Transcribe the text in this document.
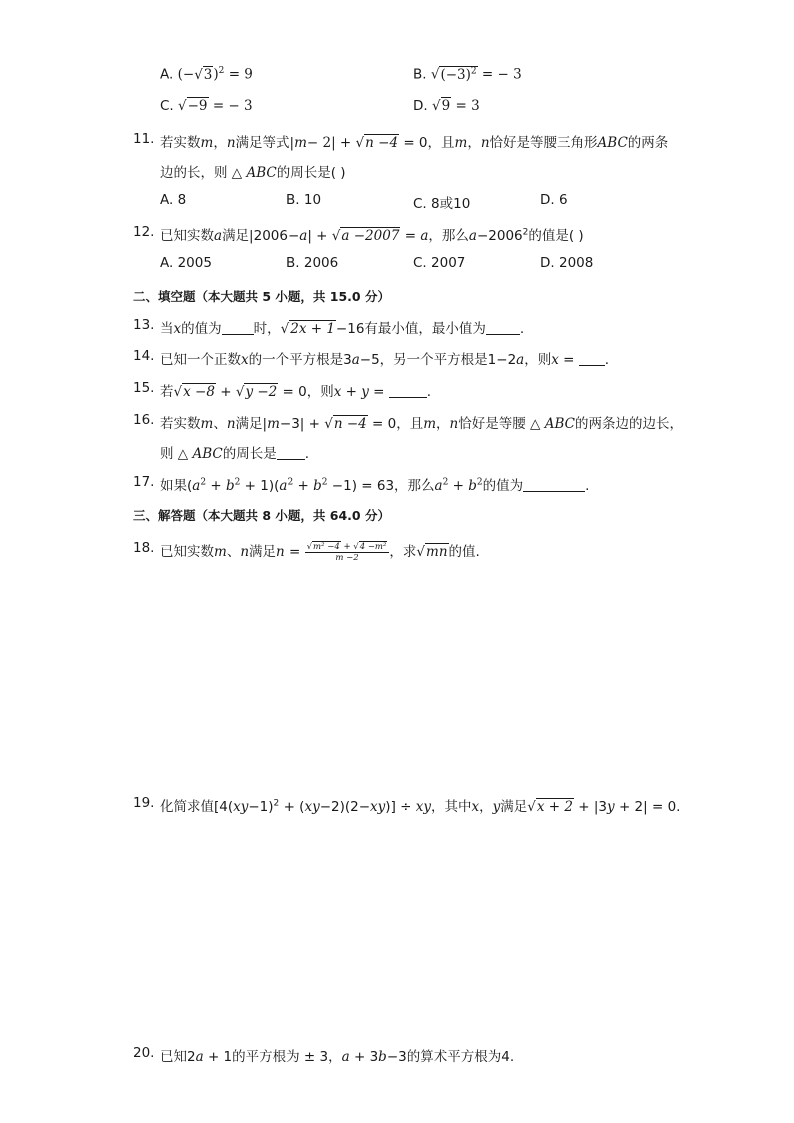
A. $(-√3)^2 = 9$	B. $√(-3)^2$ = − 3
C. √−9 = − 3	D. √9 = 3
11. 若实数m，n满足等式|m− 2| + √n −4 = 0，且m，n恰好是等腰三角形ABC的两条
边的长，则 △ ABC的周长是( )
A. 8	B. 10	C. 8或10	D. 6
12. 已知实数a满足|2006−a| + √a −2007 = a，那么$a-2006^2$的值是( )
A. 2005	B. 2006	C. 2007	D. 2008
二、填空题（本大题共 5 小题，共 15.0 分）
13. 当x的值为 时，√2x + 1−16有最小值，最小值为	.
14. 已知一个正数x的一个平方根是3a−5，另一个平方根是1−2a，则x = .
15. 若√x −8 + √y −2 = 0，则x + y =	.
16. 若实数m、n满足|m−3| + √n −4 = 0，且m，n恰好是等腰 △ ABC的两条边的边长，
则 △ ABC的周长是 .
17. 如果$(a^2 + b^2 + 1)(a^2 + b^2 -1) = 63$，那么$a^2 + b^2$的值为	.
三、解答题（本大题共 8 小题，共 64.0 分）
18. 已知实数m、n满足$n = \frac{\text{√m² −4 + √4 −m²}}{m -2}$ ，求√mn的值.
19. 化简求值$[4(xy-1)^2 + (xy-2)(2-xy)]$ ÷ xy，其中x，y满足√x + 2 + |3y + 2| = 0.
20. 已知2a + 1的平方根为 ± 3，a + 3b−3的算术平方根为4.
